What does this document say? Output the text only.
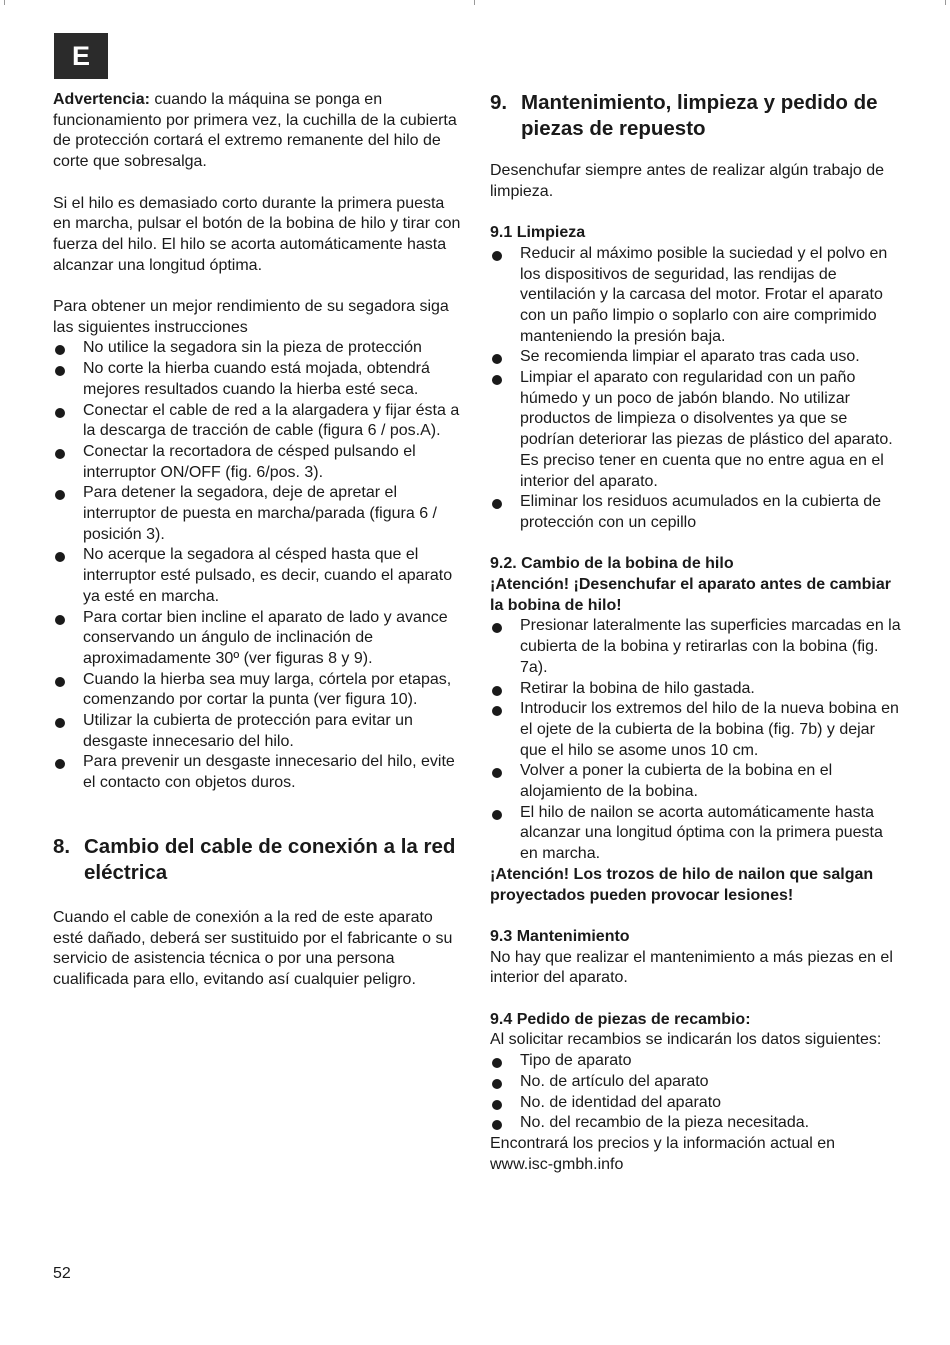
E

Advertencia: cuando la máquina se ponga en funcionamiento por primera vez, la cuchilla de la cubierta de protección cortará el extremo remanente del hilo de corte que sobresalga.

Si el hilo es demasiado corto durante la primera puesta en marcha, pulsar el botón de la bobina de hilo y tirar con fuerza del hilo. El hilo se acorta automáticamente hasta alcanzar una longitud óptima.

Para obtener un mejor rendimiento de su segadora siga las siguientes instrucciones

No utilice la segadora sin la pieza de protección
No corte la hierba cuando está mojada, obtendrá mejores resultados cuando la hierba esté seca.
Conectar el cable de red a la alargadera y fijar ésta a la descarga de tracción de cable (figura 6 / pos.A).
Conectar la recortadora de césped pulsando el interruptor ON/OFF (fig. 6/pos. 3).
Para detener la segadora, deje de apretar el interruptor de puesta en marcha/parada (figura 6 / posición 3).
No acerque la segadora al césped hasta que el interruptor esté pulsado, es decir, cuando el aparato ya esté en marcha.
Para cortar bien incline el aparato de lado y avance conservando un ángulo de inclinación de aproximadamente 30º (ver figuras 8 y 9).
Cuando la hierba sea muy larga, córtela por etapas, comenzando por cortar la punta (ver figura 10).
Utilizar la cubierta de protección para evitar un desgaste innecesario del hilo.
Para prevenir un desgaste innecesario del hilo, evite el contacto con objetos duros.
8. Cambio del cable de conexión a la red eléctrica

Cuando el cable de conexión a la red de este aparato esté dañado, deberá ser sustituido por el fabricante o su servicio de asistencia técnica o por una persona cualificada para ello, evitando así cualquier peligro.

9. Mantenimiento, limpieza y pedido de piezas de repuesto

Desenchufar siempre antes de realizar algún trabajo de limpieza.

9.1 Limpieza

Reducir al máximo posible la suciedad y el polvo en los dispositivos de seguridad, las rendijas de ventilación y la carcasa del motor. Frotar el aparato con un paño limpio o soplarlo con aire comprimido manteniendo la presión baja.
Se recomienda limpiar el aparato tras cada uso.
Limpiar el aparato con regularidad con un paño húmedo y un poco de jabón blando. No utilizar productos de limpieza o disolventes ya que se podrían deteriorar las piezas de plástico del aparato. Es preciso tener en cuenta que no entre agua en el interior del aparato.
Eliminar los residuos acumulados en la cubierta de protección con un cepillo

9.2. Cambio de la bobina de hilo

¡Atención! ¡Desenchufar el aparato antes de cambiar la bobina de hilo!

Presionar lateralmente las superficies marcadas en la cubierta de la bobina y retirarlas con la bobina (fig. 7a).
Retirar la bobina de hilo gastada.
Introducir los extremos del hilo de la nueva bobina en el ojete de la cubierta de la bobina (fig. 7b) y dejar que el hilo se asome unos 10 cm.
Volver a poner la cubierta de la bobina en el alojamiento de la bobina.
El hilo de nailon se acorta automáticamente hasta alcanzar una longitud óptima con la primera puesta en marcha.

¡Atención! Los trozos de hilo de nailon que salgan proyectados pueden provocar lesiones!

9.3 Mantenimiento

No hay que realizar el mantenimiento a más piezas en el interior del aparato.

9.4 Pedido de piezas de recambio:

Al solicitar recambios se indicarán los datos siguientes:

Tipo de aparato
No. de artículo del aparato
No. de identidad del aparato
No. del recambio de la pieza necesitada.

Encontrará los precios y la información actual en www.isc-gmbh.info

52
